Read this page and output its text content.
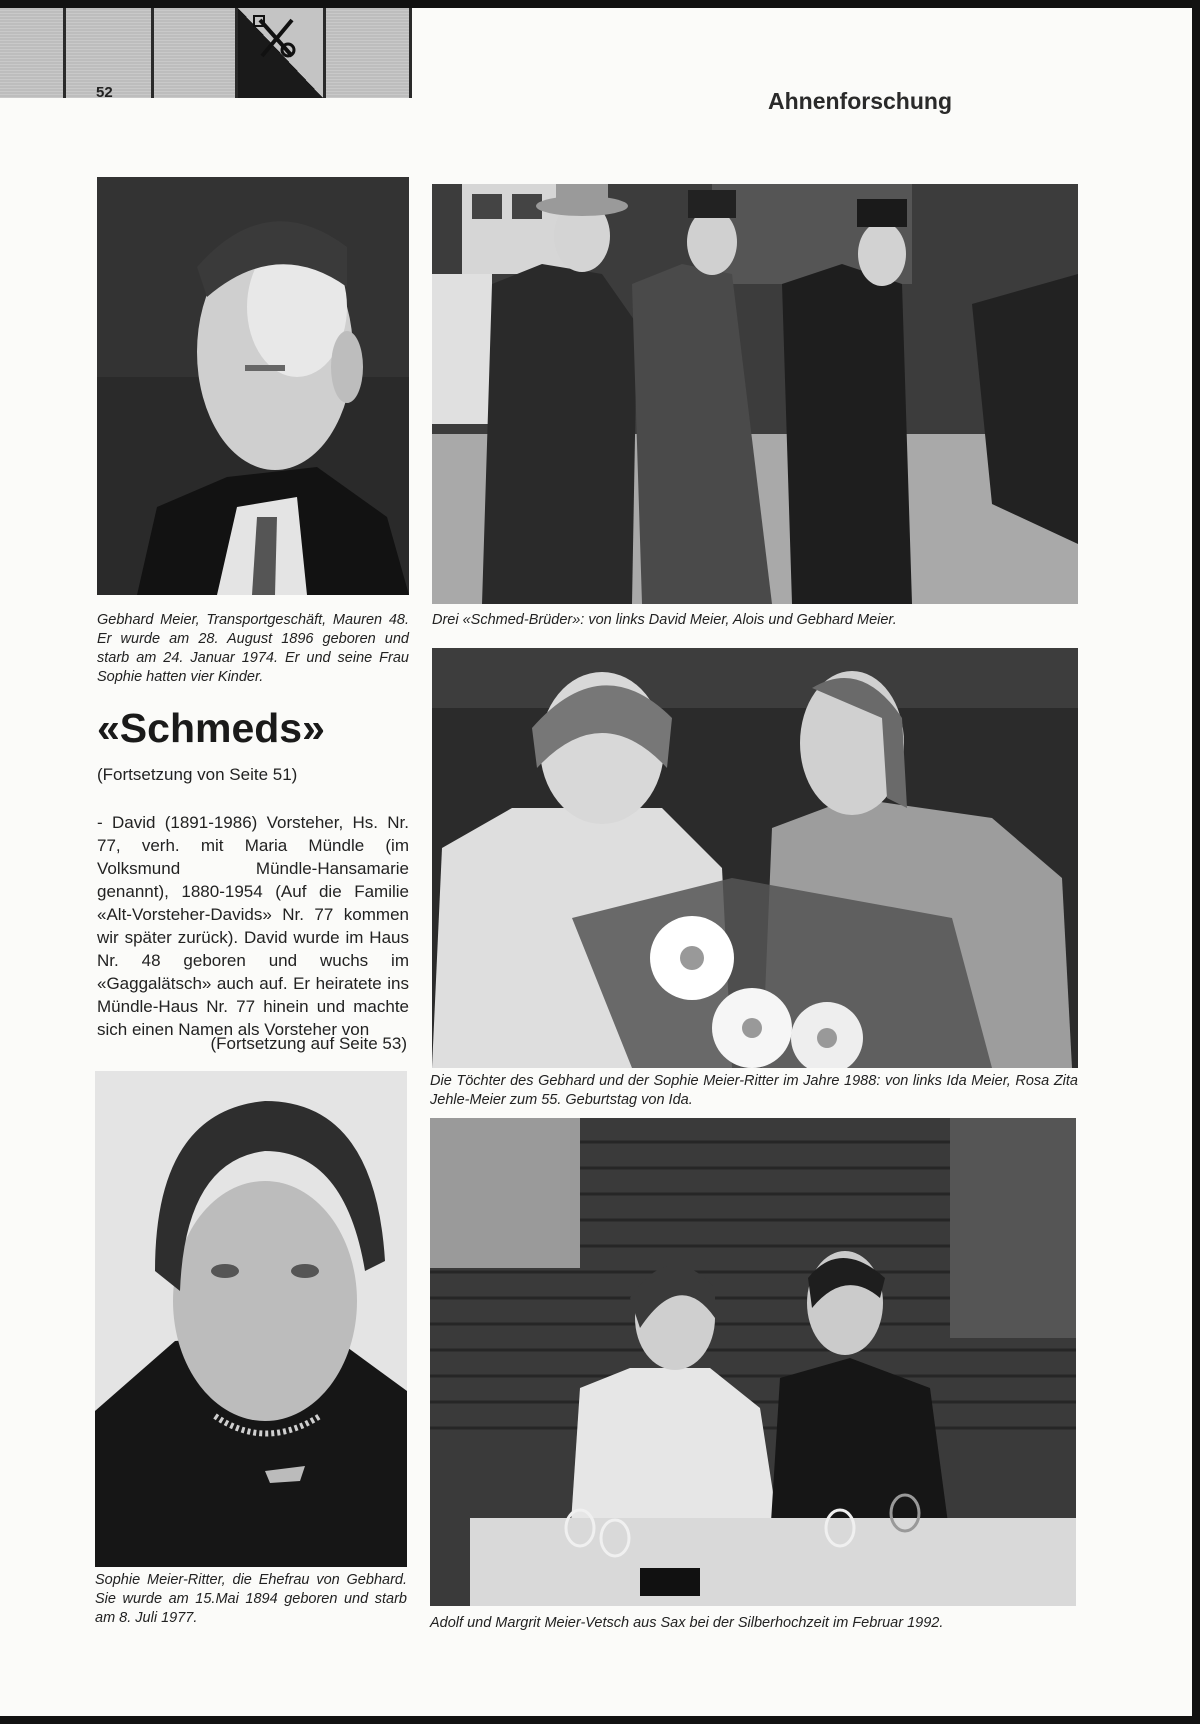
52	Ahnenforschung

Gebhard Meier, Transportgeschäft, Mauren 48. Er wurde am 28. August 1896 geboren und starb am 24. Januar 1974. Er und seine Frau Sophie hatten vier Kinder.

Drei «Schmed-Brüder»: von links David Meier, Alois und Gebhard Meier.

«Schmeds»

(Fortsetzung von Seite 51)

- David (1891-1986) Vorsteher, Hs. Nr. 77, verh. mit Maria Mündle (im Volksmund Mündle-Hansamarie genannt), 1880-1954 (Auf die Familie «Alt-Vorsteher-Davids» Nr. 77 kommen wir später zurück). David wurde im Haus Nr. 48 geboren und wuchs im «Gaggalätsch» auch auf. Er heiratete ins Mündle-Haus Nr. 77 hinein und machte sich einen Namen als Vorsteher von

(Fortsetzung auf Seite 53)

Die Töchter des Gebhard und der Sophie Meier-Ritter im Jahre 1988: von links Ida Meier, Rosa Zita Jehle-Meier zum 55. Geburtstag von Ida.

Sophie Meier-Ritter, die Ehefrau von Gebhard. Sie wurde am 15.Mai 1894 geboren und starb am 8. Juli 1977.	Adolf und Margrit Meier-Vetsch aus Sax bei der Silberhochzeit im Februar 1992.
